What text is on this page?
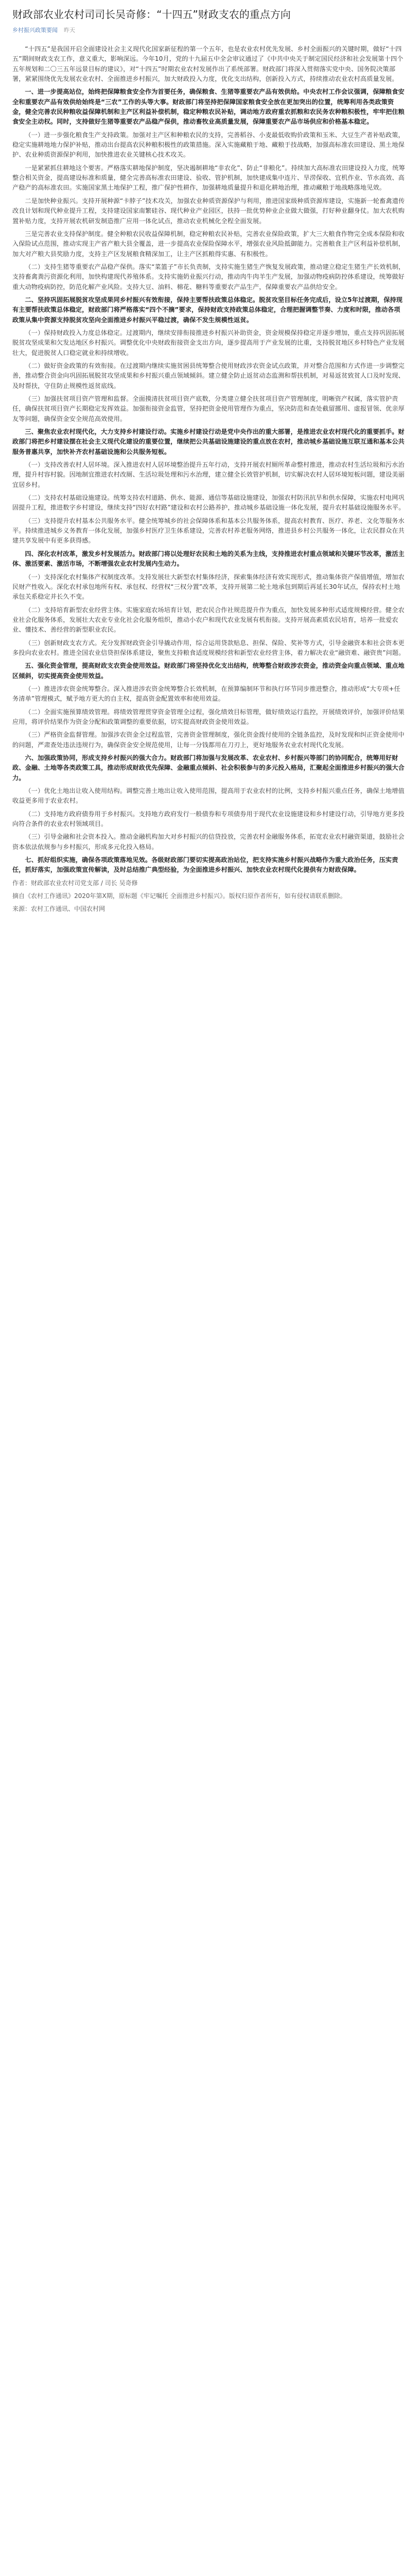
财政部农业农村司司长吴奇修：“十四五”财政支农的重点方向
乡村振兴政策要闻 昨天

“十四五”是我国开启全面建设社会主义现代化国家新征程的第一个五年，也是农业农村优先发展、乡村全面振兴的关键时期，做好“十四五”期间财政支农工作，意义重大，影响深远。今年10月，党的十九届五中全会审议通过了《中共中央关于制定国民经济和社会发展第十四个五年规划和二〇三五年远景目标的建议》，对“十四五”时期农业农村发展作出了系统部署。财政部门将深入贯彻落实党中央、国务院决策部署，紧紧围绕优先发展农业农村、全面推进乡村振兴，加大财政投入力度，优化支出结构，创新投入方式，持续推动农业农村高质量发展。

一、进一步提高站位，始终把保障粮食安全作为首要任务，确保粮食、生猪等重要农产品有效供给。中央农村工作会议强调，保障粮食安全和重要农产品有效供给始终是“三农”工作的头等大事。财政部门将坚持把保障国家粮食安全放在更加突出的位置，统筹利用各类政策资金，健全完善农民种粮收益保障机制和主产区利益补偿机制，稳定种粮农民补贴，调动地方政府重农抓粮和农民务农种粮积极性，牢牢把住粮食安全主动权。同时，支持做好生猪等重要农产品稳产保供，推动畜牧业高质量发展，保障重要农产品市场供应和价格基本稳定。

（一）进一步强化粮食生产支持政策。加强对主产区和种粮农民的支持，完善稻谷、小麦最低收购价政策和玉米、大豆生产者补贴政策，稳定实施耕地地力保护补贴，推动出台提高农民种粮积极性的政策措施。深入实施藏粮于地、藏粮于技战略，加强高标准农田建设、黑土地保护、农业种质资源保护利用，加快推进农业关键核心技术攻关。

一是紧紧抓住耕地这个要害。严格落实耕地保护制度，坚决遏制耕地“非农化”、防止“非粮化”。持续加大高标准农田建设投入力度，统筹整合相关资金，提高建设标准和质量，健全完善高标准农田建设、验收、管护机制，加快建成集中连片、旱涝保收、宜机作业、节水高效、高产稳产的高标准农田。实施国家黑土地保护工程，推广保护性耕作，加强耕地质量提升和退化耕地治理，推动藏粮于地战略落地见效。

二是加快种业振兴。支持开展种源“卡脖子”技术攻关，加强农业种质资源保护与利用，推进国家级种质资源库建设，实施新一轮畜禽遗传改良计划和现代种业提升工程，支持建设国家南繁硅谷、现代种业产业园区，扶持一批优势种业企业做大做强，打好种业翻身仗。加大农机购置补贴力度，支持开展农机研发制造推广应用一体化试点，推动农业机械化全程全面发展。

三是完善农业支持保护制度。健全种粮农民收益保障机制，稳定种粮农民补贴，完善农业保险政策，扩大三大粮食作物完全成本保险和收入保险试点范围，推动实现主产省产粮大县全覆盖，进一步提高农业保险保障水平，增强农业风险抵御能力。完善粮食主产区利益补偿机制，加大对产粮大县奖励力度，支持主产区发展粮食精深加工，让主产区抓粮得实惠、有积极性。

（二）支持生猪等重要农产品稳产保供。落实“菜篮子”市长负责制，支持实施生猪生产恢复发展政策，推动建立稳定生猪生产长效机制，支持畜禽粪污资源化利用，加快构建现代养殖体系。支持实施奶业振兴行动，推动肉牛肉羊生产发展，加强动物疫病防控体系建设，统筹做好重大动物疫病防控，防范化解产业风险。支持大豆、油料、棉花、糖料等重要农产品生产，保障重要农产品供给安全。

二、坚持巩固拓展脱贫攻坚成果同乡村振兴有效衔接，保持主要帮扶政策总体稳定。脱贫攻坚目标任务完成后，设立5年过渡期，保持现有主要帮扶政策总体稳定，财政部门将严格落实“四个不摘”要求，保持财政支持政策总体稳定，合理把握调整节奏、力度和时限，推动各项政策从集中资源支持脱贫攻坚向全面推进乡村振兴平稳过渡，确保不发生规模性返贫。

（一）保持财政投入力度总体稳定。过渡期内，继续安排衔接推进乡村振兴补助资金，资金规模保持稳定并逐步增加，重点支持巩固拓展脱贫攻坚成果和欠发达地区乡村振兴。调整优化中央财政衔接资金支出方向，逐步提高用于产业发展的比重，支持脱贫地区乡村特色产业发展壮大，促进脱贫人口稳定就业和持续增收。

（二）做好资金政策的有效衔接。在过渡期内继续实施贫困县统筹整合使用财政涉农资金试点政策，并对整合范围和方式作进一步调整完善，推动整合资金向巩固拓展脱贫攻坚成果和乡村振兴重点领域倾斜。建立健全防止返贫动态监测和帮扶机制，对易返贫致贫人口及时发现、及时帮扶，守住防止规模性返贫底线。

（三）加强扶贫项目资产管理和监督。全面摸清扶贫项目资产底数，分类建立健全扶贫项目资产管理制度，明晰资产权属，落实管护责任，确保扶贫项目资产长期稳定发挥效益。加强衔接资金监管，坚持把资金使用管理作为重点，坚决防范和查处截留挪用、虚报冒领、优亲厚友等问题，确保资金安全规范高效使用。

三、聚焦农业农村现代化，大力支持乡村建设行动。实施乡村建设行动是党中央作出的重大部署，是推进农业农村现代化的重要抓手。财政部门将把乡村建设摆在社会主义现代化建设的重要位置，继续把公共基础设施建设的重点放在农村，推动城乡基础设施互联互通和基本公共服务普惠共享，加快补齐农村基础设施和公共服务短板。

（一）支持改善农村人居环境。深入推进农村人居环境整治提升五年行动，支持开展农村厕所革命整村推进，推动农村生活垃圾和污水治理，提升村容村貌。因地制宜推进农村改厕、生活垃圾处理和污水治理，建立健全长效管护机制，切实解决农村人居环境短板问题，建设美丽宜居乡村。

（二）支持农村基础设施建设。统筹支持农村道路、供水、能源、通信等基础设施建设，加强农村防汛抗旱和供水保障，实施农村电网巩固提升工程，推进数字乡村建设，继续支持“四好农村路”建设和农村公路养护，推动城乡基础设施一体化发展，提升农村基础设施服务水平。

（三）支持提升农村基本公共服务水平。健全统筹城乡的社会保障体系和基本公共服务体系，提高农村教育、医疗、养老、文化等服务水平。持续推进城乡义务教育一体化发展，加强乡村医疗卫生体系建设，完善农村养老服务网络，推进县乡村公共服务一体化，让农民群众在共建共享发展中有更多获得感。

四、深化农村改革，激发乡村发展活力。财政部门将以处理好农民和土地的关系为主线，支持推进农村重点领域和关键环节改革，激活主体、激活要素、激活市场，不断增强农业农村发展内生动力。

（一）支持深化农村集体产权制度改革。支持发展壮大新型农村集体经济，探索集体经济有效实现形式，推动集体资产保值增值，增加农民财产性收入。深化农村承包地所有权、承包权、经营权“三权分置”改革，支持开展第二轮土地承包到期后再延长30年试点，保持农村土地承包关系稳定并长久不变。

（二）支持培育新型农业经营主体。实施家庭农场培育计划，把农民合作社规范提升作为重点，加快发展多种形式适度规模经营。健全农业社会化服务体系，发展壮大农业专业化社会化服务组织，推动小农户和现代农业发展有机衔接。支持开展高素质农民培育，培养一批爱农业、懂技术、善经营的新型职业农民。

（三）创新财政支农方式。充分发挥财政资金引导撬动作用，综合运用贷款贴息、担保、保险、奖补等方式，引导金融资本和社会资本更多投向农业农村。推进全国农业信贷担保体系建设，聚焦支持粮食适度规模经营和新型农业经营主体，着力解决农业“融资难、融资贵”问题。

五、强化资金管理，提高财政支农资金使用效益。财政部门将坚持优化支出结构，统筹整合财政涉农资金，推动资金向重点领域、重点地区倾斜，切实提高资金使用效益。

（一）推进涉农资金统筹整合。深入推进涉农资金统筹整合长效机制，在预算编制环节和执行环节同步推进整合，推动形成“大专项+任务清单”管理模式，赋予地方更大的自主权，提高资金配置效率和使用效益。

（二）全面实施预算绩效管理。将绩效管理贯穿资金管理全过程，强化绩效目标管理，做好绩效运行监控，开展绩效评价，加强评价结果应用，将评价结果作为资金分配和政策调整的重要依据，切实提高财政资金使用效益。

（三）严格资金监督管理。加强涉农资金全过程监管，完善资金管理制度，强化资金拨付使用的全链条监控，及时发现和纠正资金使用中的问题，严肃查处违法违规行为，确保资金安全规范使用，让每一分钱都用在刀刃上，更好地服务农业农村现代化发展。

六、加强政策协同，形成支持乡村振兴的强大合力。财政部门将加强与发展改革、农业农村、乡村振兴等部门的协同配合，统筹用好财政、金融、土地等各类政策工具，推动形成财政优先保障、金融重点倾斜、社会积极参与的多元投入格局，汇聚起全面推进乡村振兴的强大合力。

（一）优化土地出让收入使用结构。调整完善土地出让收入使用范围，提高用于农业农村的比例，支持乡村振兴重点任务，确保土地增值收益更多用于农业农村。

（二）支持地方政府债券用于乡村振兴。支持地方政府发行一般债券和专项债券用于现代农业设施建设和乡村建设行动，引导地方更多投向符合条件的农业农村领域项目。

（三）引导金融和社会资本投入。推动金融机构加大对乡村振兴的信贷投放，完善农村金融服务体系，拓宽农业农村融资渠道，鼓励社会资本依法依规参与乡村振兴，形成多元化投入格局。

七、抓好组织实施，确保各项政策落地见效。各级财政部门要切实提高政治站位，把支持实施乡村振兴战略作为重大政治任务，压实责任，抓好落实，加强政策宣传解读，及时总结推广典型经验，为全面推进乡村振兴、加快农业农村现代化提供有力财政保障。

作者：财政部农业农村司党支部 / 司长 吴奇修

摘自《农村工作通讯》2020年第X期，原标题《牢记嘱托 全面推进乡村振兴》。版权归原作者所有，如有侵权请联系删除。

来源：农村工作通讯、中国农村网
